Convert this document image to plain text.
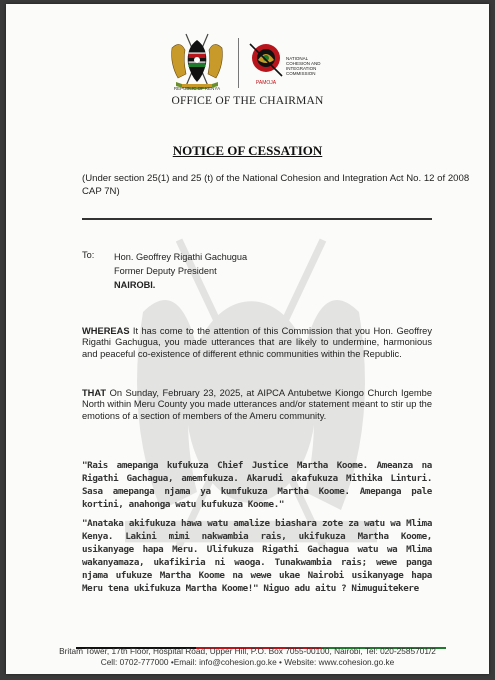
REPUBLIC OF KENYA
PAMOJA
NATIONAL
COHESION AND
INTEGRATION
COMMISSION
OFFICE OF THE CHAIRMAN
NOTICE OF CESSATION
(Under section 25(1) and 25 (t) of the National Cohesion and Integration Act No. 12 of 2008 CAP 7N)
To: Hon. Geoffrey Rigathi Gachugua
Former Deputy President
NAIROBI.
WHEREAS It has come to the attention of this Commission that you Hon. Geoffrey Rigathi Gachugua, you made utterances that are likely to undermine, harmonious and peaceful co-existence of different ethnic communities within the Republic.
THAT On Sunday, February 23, 2025, at AIPCA Antubetwe Kiongo Church Igembe North within Meru County you made utterances and/or statement meant to stir up the emotions of a section of members of the Ameru community.
"Rais amepanga kufukuza Chief Justice Martha Koome. Ameanza na Rigathi Gachagua, amemfukuza. Akarudi akafukuza Mithika Linturi. Sasa amepanga njama ya kumfukuza Martha Koome. Amepanga pale kortini, anahonga watu kufukuza Koome."
"Anataka akifukuza hawa watu amalize biashara zote za watu wa Mlima Kenya. Lakini mimi nakwambia rais, ukifukuza Martha Koome, usikanyage hapa Meru. Ulifukuza Rigathi Gachagua watu wa Mlima wakanyamaza, ukafikiria ni waoga. Tunakwambia rais; wewe panga njama ufukuze Martha Koome na wewe ukae Nairobi usikanyage hapa Meru tena ukifukuza Martha Koome!" Niguo adu aitu ? Nimuguitekere
Britam Tower, 17th Floor, Hospital Road, Upper Hill, P.O. Box 7055-00100, Nairobi, Tel: 020-2585701/2
Cell: 0702-777000 •Email: info@cohesion.go.ke • Website: www.cohesion.go.ke
